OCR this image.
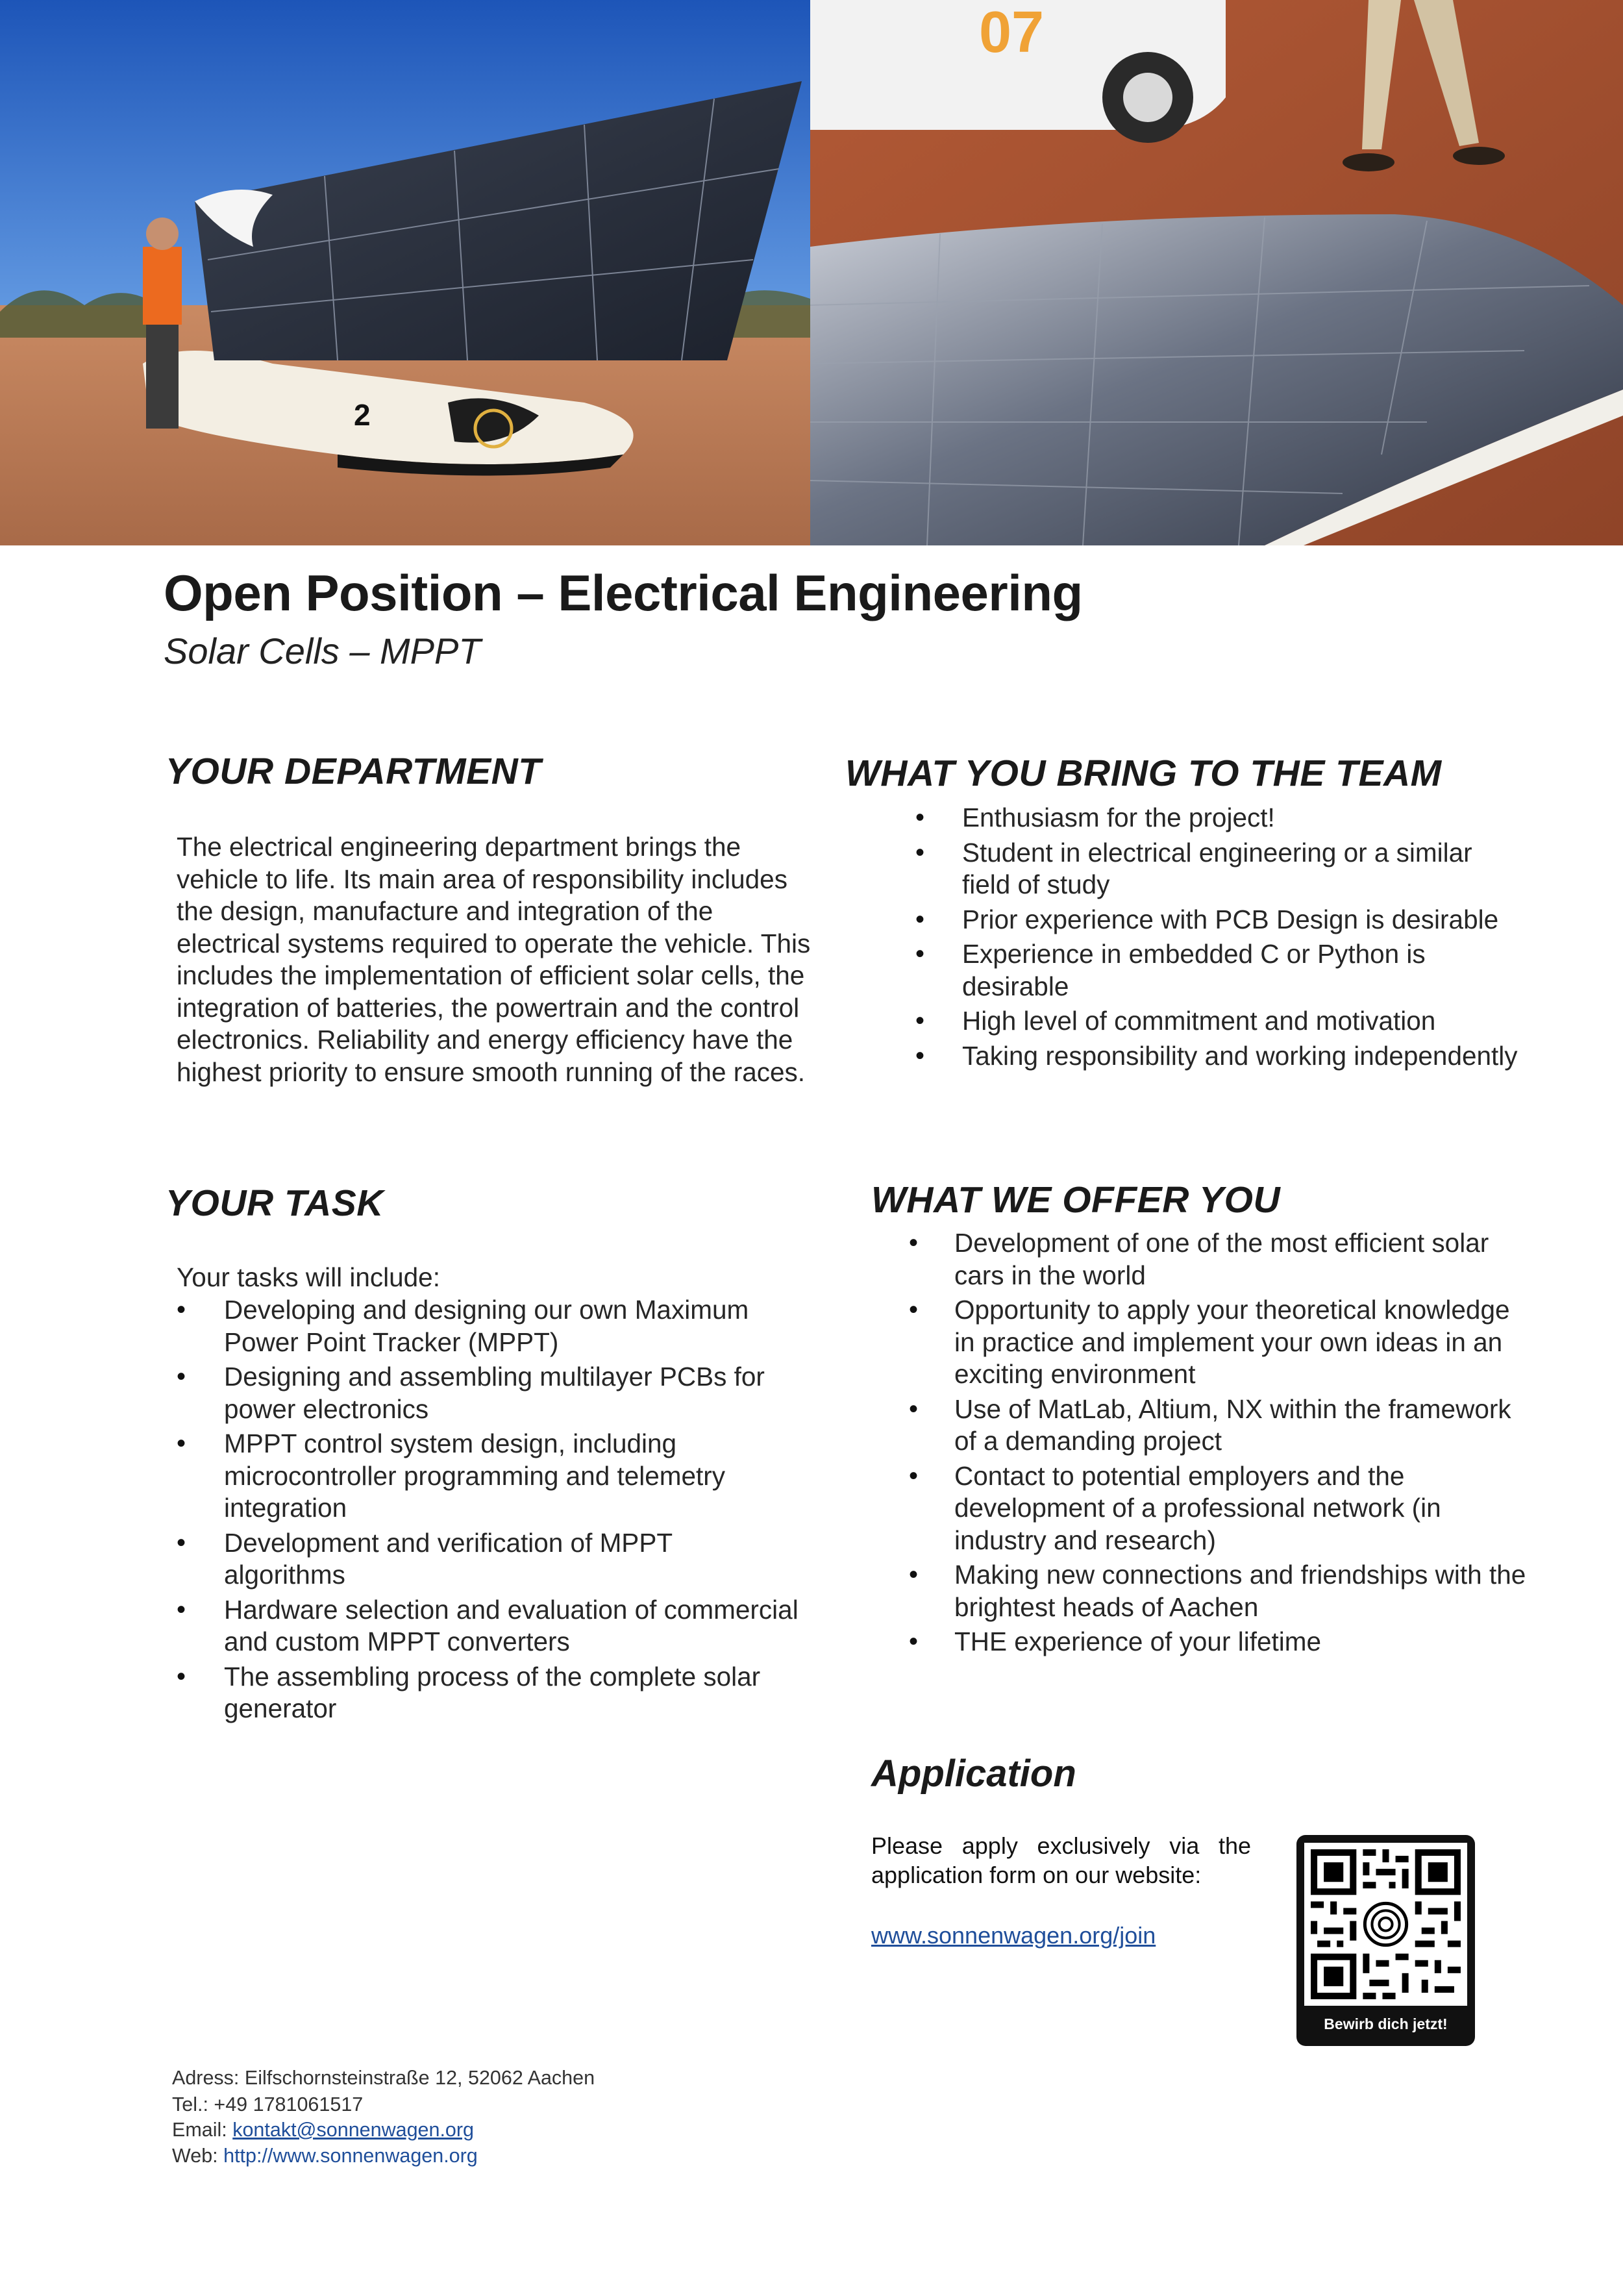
2
07
Open Position – Electrical Engineering

Solar Cells – MPPT

YOUR DEPARTMENT

The electrical engineering department brings the vehicle to life. Its main area of responsibility includes the design, manufacture and integration of the electrical systems required to operate the vehicle. This includes the implementation of efficient solar cells, the integration of batteries, the powertrain and the control electronics. Reliability and energy efficiency have the highest priority to ensure smooth running of the races.

WHAT YOU BRING TO THE TEAM
• Enthusiasm for the project!
• Student in electrical engineering or a similar field of study
• Prior experience with PCB Design is desirable
• Experience in embedded C or Python is desirable
• High level of commitment and motivation
• Taking responsibility and working independently
YOUR TASK

Your tasks will include:

• Developing and designing our own Maximum Power Point Tracker (MPPT)
• Designing and assembling multilayer PCBs for power electronics
• MPPT control system design, including microcontroller programming and telemetry integration
• Development and verification of MPPT algorithms
• Hardware selection and evaluation of commercial and custom MPPT converters
• The assembling process of the complete solar generator
WHAT WE OFFER YOU
• Development of one of the most efficient solar cars in the world
• Opportunity to apply your theoretical knowledge in practice and implement your own ideas in an exciting environment
• Use of MatLab, Altium, NX within the framework of a demanding project
• Contact to potential employers and the development of a professional network (in industry and research)
• Making new connections and friendships with the brightest heads of Aachen
• THE experience of your lifetime
Application

Please apply exclusively via the application form on our website:

www.sonnenwagen.org/join
Bewirb dich jetzt!
Adress: Eilfschornsteinstraße 12, 52062 Aachen
Tel.: +49 1781061517
Email: kontakt@sonnenwagen.org
Web: http://www.sonnenwagen.org
